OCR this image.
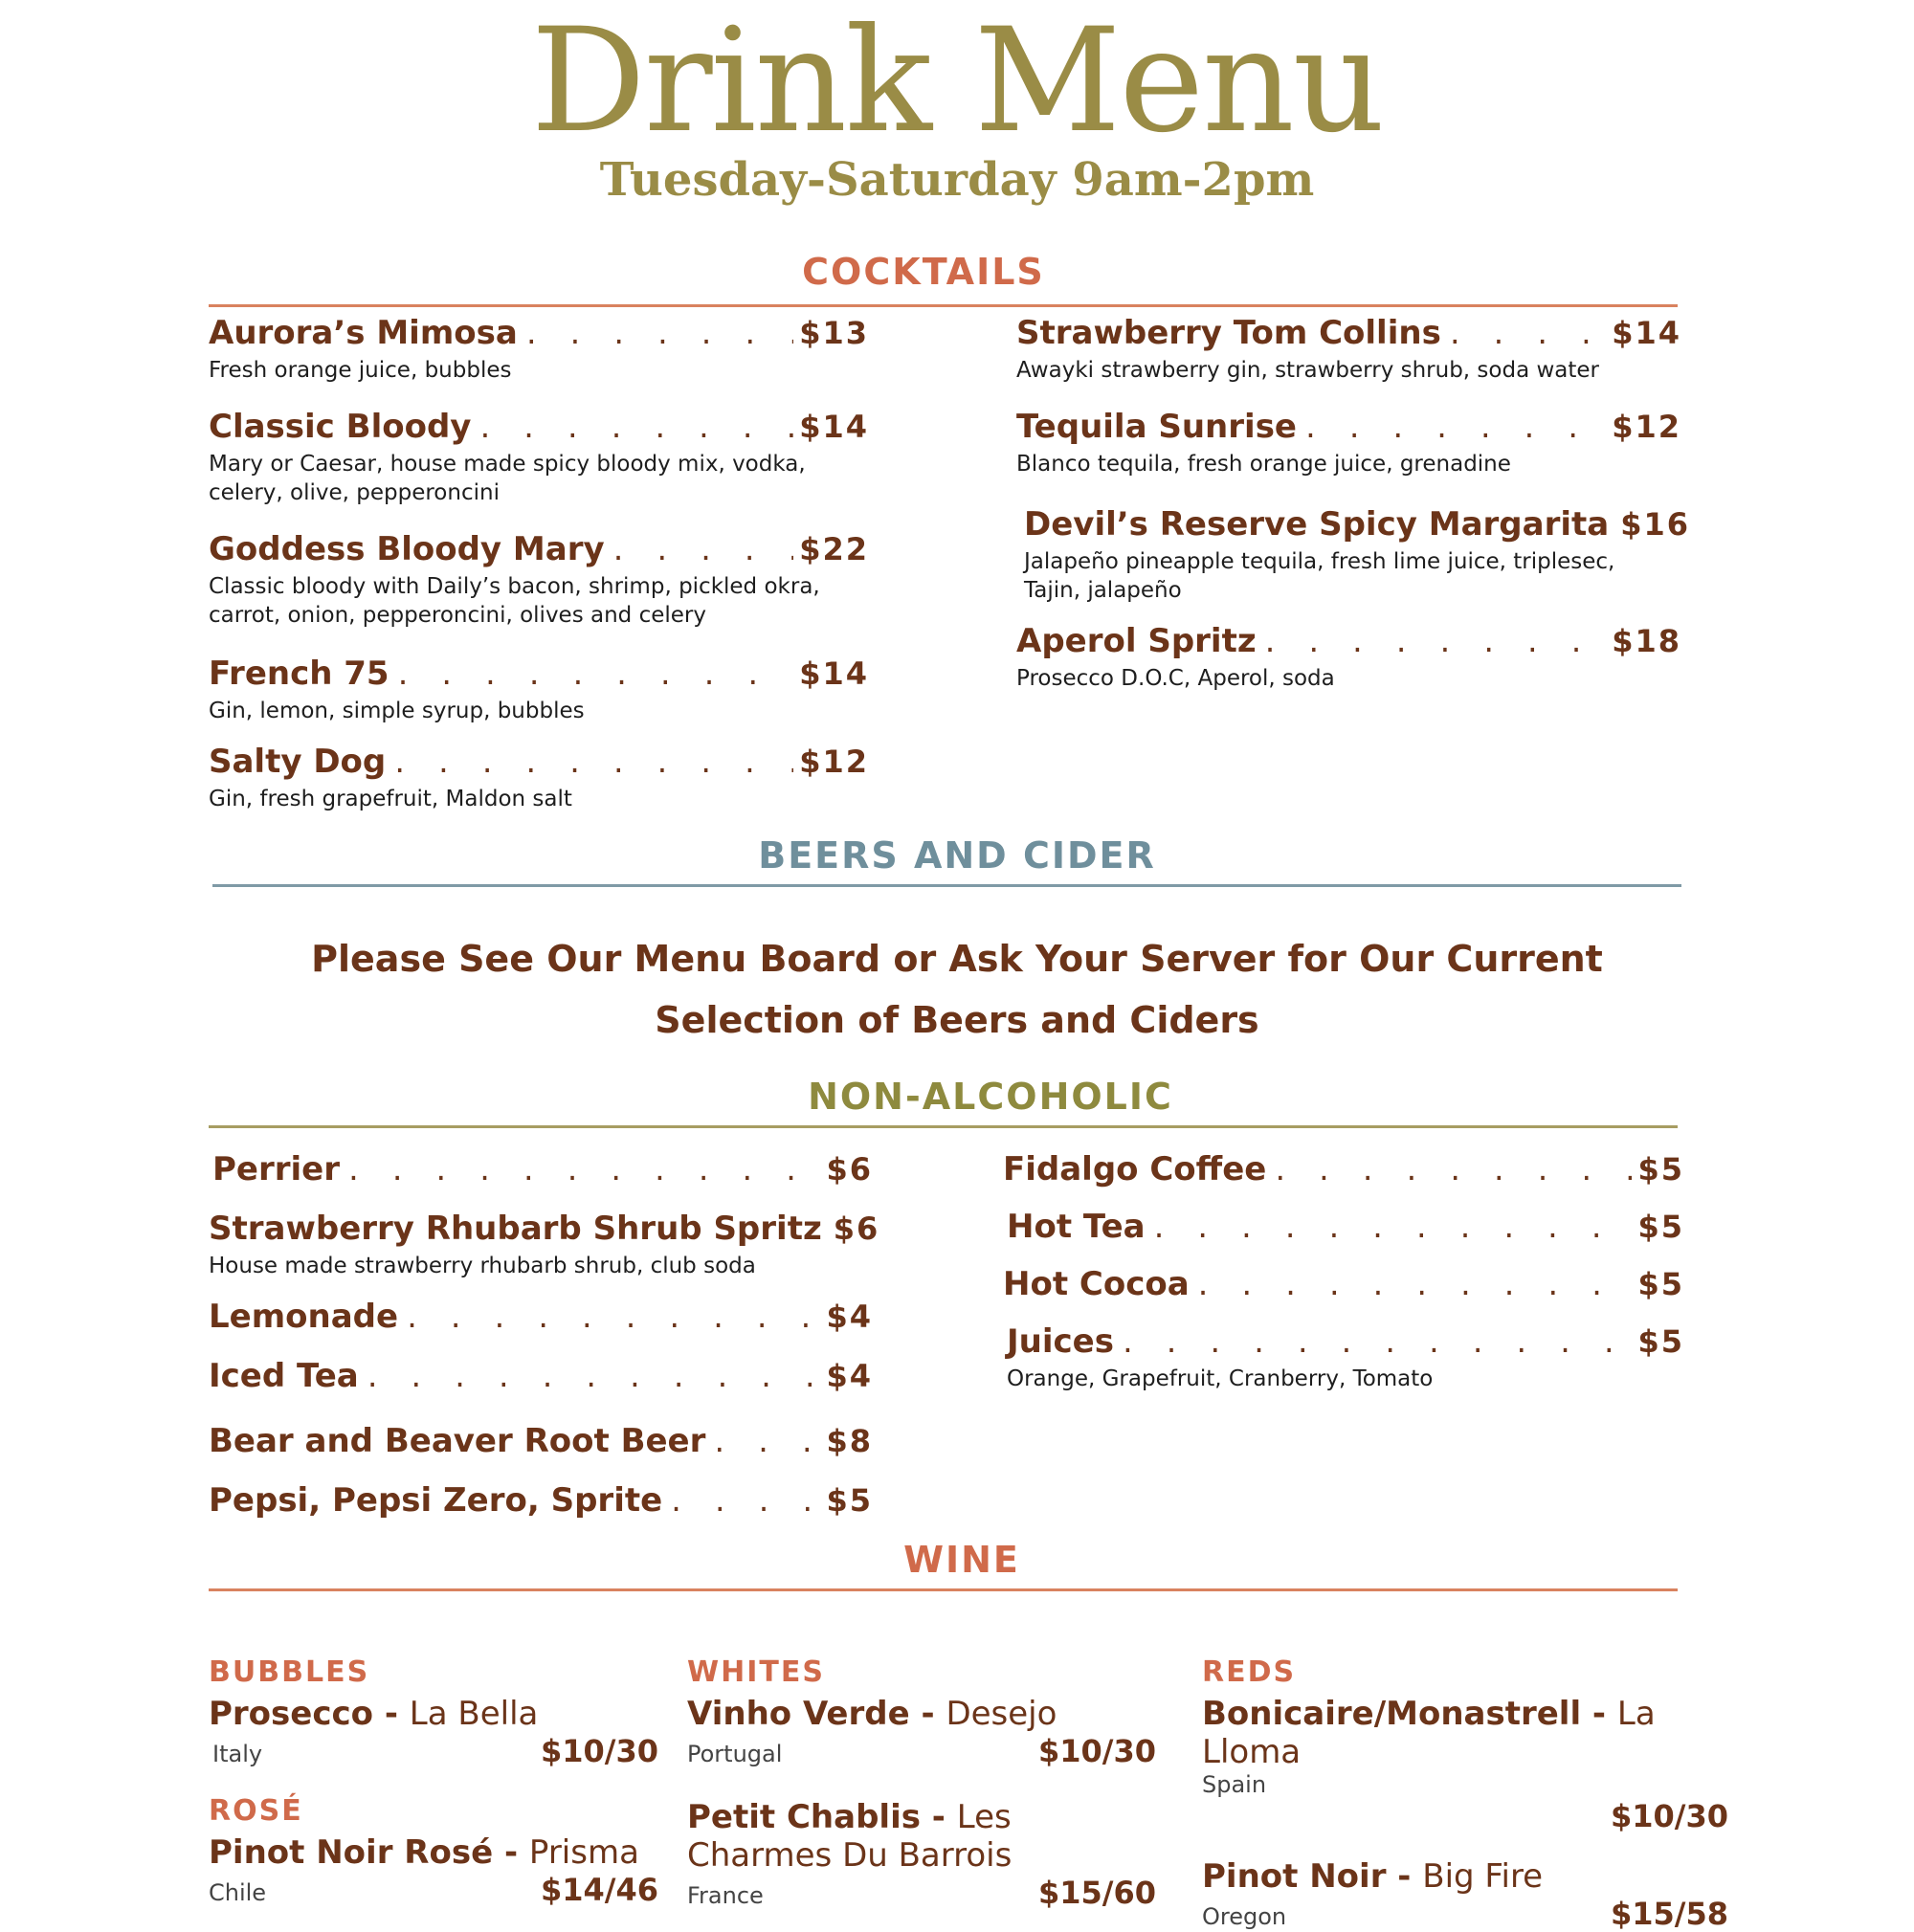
Drink Menu
Tuesday-Saturday 9am-2pm
COCKTAILS
Aurora’s Mimosa . . .	$13
Fresh orange juice, bubbles
Classic Bloody . . .	$14
Mary or Caesar, house made spicy bloody mix, vodka, celery, olive, pepperoncini
Goddess Bloody Mary . . .	$22
Classic bloody with Daily’s bacon, shrimp, pickled okra, carrot, onion, pepperoncini, olives and celery
French 75 . . .	$14
Gin, lemon, simple syrup, bubbles
Salty Dog . . .	$12
Gin, fresh grapefruit, Maldon salt
Strawberry Tom Collins . . .	$14
Awayki strawberry gin, strawberry shrub, soda water
Tequila Sunrise . . .	$12
Blanco tequila, fresh orange juice, grenadine
Devil’s Reserve Spicy Margarita $16
Jalapeño pineapple tequila, fresh lime juice, triplesec, Tajin, jalapeño
Aperol Spritz . . .	$18
Prosecco D.O.C, Aperol, soda
BEERS AND CIDER
Please See Our Menu Board or Ask Your Server for Our Current Selection of Beers and Ciders
NON-ALCOHOLIC
Perrier . . .	$6
Strawberry Rhubarb Shrub Spritz $6
House made strawberry rhubarb shrub, club soda
Lemonade . . .	$4
Iced Tea . . .	$4
Bear and Beaver Root Beer . . .	$8
Pepsi, Pepsi Zero, Sprite . . .	$5
Fidalgo Coffee . . .	$5
Hot Tea . . .	$5
Hot Cocoa . . .	$5
Juices . . .	$5
Orange, Grapefruit, Cranberry, Tomato
WINE
BUBBLES
Prosecco - La Bella
Italy	$10/30
ROSÉ
Pinot Noir Rosé - Prisma
Chile	$14/46
WHITES
Vinho Verde - Desejo
Portugal	$10/30
Petit Chablis - Les Charmes Du Barrois
France	$15/60
REDS
Bonicaire/Monastrell - La Lloma
Spain
$10/30
Pinot Noir - Big Fire
Oregon	$15/58
